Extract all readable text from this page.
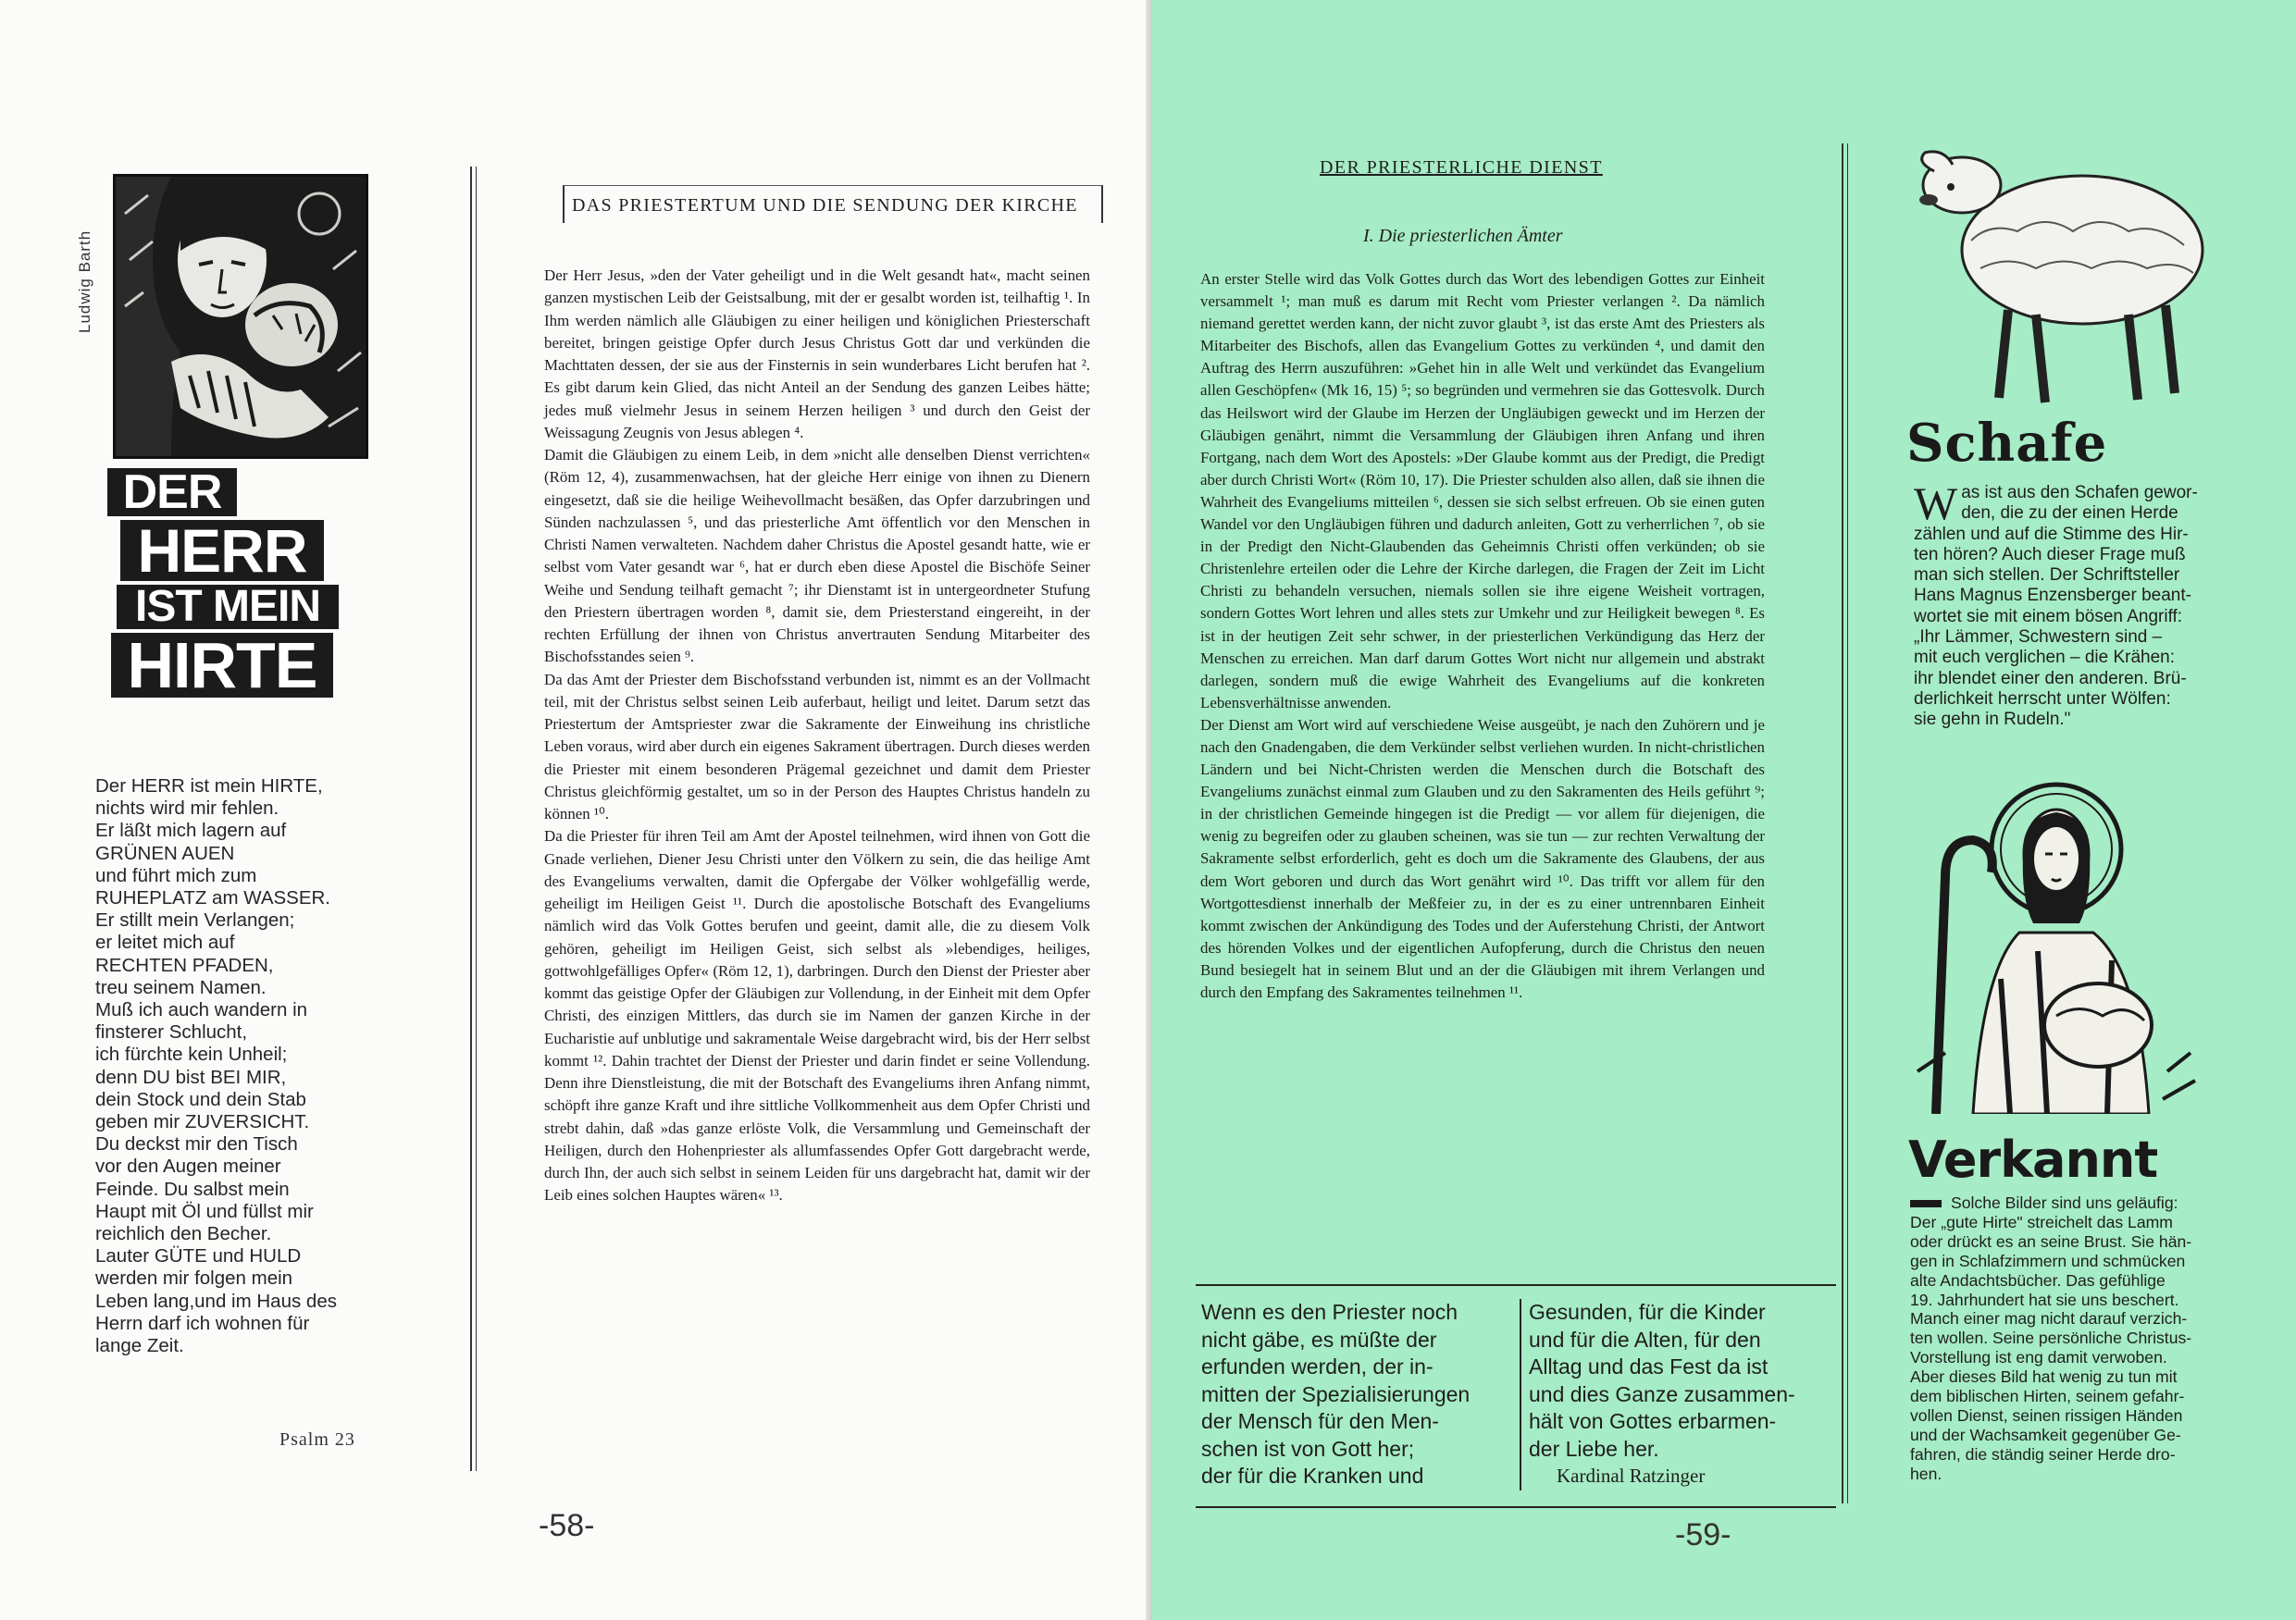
Ludwig Barth
DER
HERR
IST MEIN
HIRTE
Der HERR ist mein HIRTE,
nichts wird mir fehlen.
Er läßt mich lagern auf
GRÜNEN AUEN
und führt mich zum
RUHEPLATZ am WASSER.
Er stillt mein Verlangen;
er leitet mich auf
RECHTEN PFADEN,
treu seinem Namen.
Muß ich auch wandern in
finsterer Schlucht,
ich fürchte kein Unheil;
denn DU bist BEI MIR,
dein Stock und dein Stab
geben mir ZUVERSICHT.
Du deckst mir den Tisch
vor den Augen meiner
Feinde. Du salbst mein
Haupt mit Öl und füllst mir
reichlich den Becher.
Lauter GÜTE und HULD
werden mir folgen mein
Leben lang,und im Haus des
Herrn darf ich wohnen für
lange Zeit.
Psalm 23
DAS PRIESTERTUM UND DIE SENDUNG DER KIRCHE

Der Herr Jesus, »den der Vater geheiligt und in die Welt gesandt hat«, macht seinen ganzen mystischen Leib der Geistsalbung, mit der er gesalbt worden ist, teilhaftig ¹. In Ihm werden nämlich alle Gläubigen zu einer heiligen und königlichen Priesterschaft bereitet, bringen geistige Opfer durch Jesus Christus Gott dar und verkünden die Machttaten dessen, der sie aus der Finsternis in sein wunderbares Licht berufen hat ². Es gibt darum kein Glied, das nicht Anteil an der Sendung des ganzen Leibes hätte; jedes muß vielmehr Jesus in seinem Herzen heiligen ³ und durch den Geist der Weissagung Zeugnis von Jesus ablegen ⁴.

Damit die Gläubigen zu einem Leib, in dem »nicht alle denselben Dienst verrichten« (Röm 12, 4), zusammenwachsen, hat der gleiche Herr einige von ihnen zu Dienern eingesetzt, daß sie die heilige Weihevollmacht besäßen, das Opfer darzubringen und Sünden nachzulassen ⁵, und das priesterliche Amt öffentlich vor den Menschen in Christi Namen verwalteten. Nachdem daher Christus die Apostel gesandt hatte, wie er selbst vom Vater gesandt war ⁶, hat er durch eben diese Apostel die Bischöfe Seiner Weihe und Sendung teilhaft gemacht ⁷; ihr Dienstamt ist in untergeordneter Stufung den Priestern übertragen worden ⁸, damit sie, dem Priesterstand eingereiht, in der rechten Erfüllung der ihnen von Christus anvertrauten Sendung Mitarbeiter des Bischofsstandes seien ⁹.

Da das Amt der Priester dem Bischofsstand verbunden ist, nimmt es an der Vollmacht teil, mit der Christus selbst seinen Leib auferbaut, heiligt und leitet. Darum setzt das Priestertum der Amtspriester zwar die Sakramente der Einweihung ins christliche Leben voraus, wird aber durch ein eigenes Sakrament übertragen. Durch dieses werden die Priester mit einem besonderen Prägemal gezeichnet und damit dem Priester Christus gleichförmig gestaltet, um so in der Person des Hauptes Christus handeln zu können ¹⁰.

Da die Priester für ihren Teil am Amt der Apostel teilnehmen, wird ihnen von Gott die Gnade verliehen, Diener Jesu Christi unter den Völkern zu sein, die das heilige Amt des Evangeliums verwalten, damit die Opfergabe der Völker wohlgefällig werde, geheiligt im Heiligen Geist ¹¹. Durch die apostolische Botschaft des Evangeliums nämlich wird das Volk Gottes berufen und geeint, damit alle, die zu diesem Volk gehören, geheiligt im Heiligen Geist, sich selbst als »lebendiges, heiliges, gottwohlgefälliges Opfer« (Röm 12, 1), darbringen. Durch den Dienst der Priester aber kommt das geistige Opfer der Gläubigen zur Vollendung, in der Einheit mit dem Opfer Christi, des einzigen Mittlers, das durch sie im Namen der ganzen Kirche in der Eucharistie auf unblutige und sakramentale Weise dargebracht wird, bis der Herr selbst kommt ¹². Dahin trachtet der Dienst der Priester und darin findet er seine Vollendung. Denn ihre Dienstleistung, die mit der Botschaft des Evangeliums ihren Anfang nimmt, schöpft ihre ganze Kraft und ihre sittliche Vollkommenheit aus dem Opfer Christi und strebt dahin, daß »das ganze erlöste Volk, die Versammlung und Gemeinschaft der Heiligen, durch den Hohenpriester als allumfassendes Opfer Gott dargebracht werde, durch Ihn, der auch sich selbst in seinem Leiden für uns dargebracht hat, damit wir der Leib eines solchen Hauptes wären« ¹³.

-58-
DER PRIESTERLICHE DIENST
I. Die priesterlichen Ämter

An erster Stelle wird das Volk Gottes durch das Wort des lebendigen Gottes zur Einheit versammelt ¹; man muß es darum mit Recht vom Priester verlangen ². Da nämlich niemand gerettet werden kann, der nicht zuvor glaubt ³, ist das erste Amt des Priesters als Mitarbeiter des Bischofs, allen das Evangelium Gottes zu verkünden ⁴, und damit den Auftrag des Herrn auszuführen: »Gehet hin in alle Welt und verkündet das Evangelium allen Geschöpfen« (Mk 16, 15) ⁵; so begründen und vermehren sie das Gottesvolk. Durch das Heilswort wird der Glaube im Herzen der Ungläubigen geweckt und im Herzen der Gläubigen genährt, nimmt die Versammlung der Gläubigen ihren Anfang und ihren Fortgang, nach dem Wort des Apostels: »Der Glaube kommt aus der Predigt, die Predigt aber durch Christi Wort« (Röm 10, 17). Die Priester schulden also allen, daß sie ihnen die Wahrheit des Evangeliums mitteilen ⁶, dessen sie sich selbst erfreuen. Ob sie einen guten Wandel vor den Ungläubigen führen und dadurch anleiten, Gott zu verherrlichen ⁷, ob sie in der Predigt den Nicht-Glaubenden das Geheimnis Christi offen verkünden; ob sie Christenlehre erteilen oder die Lehre der Kirche darlegen, die Fragen der Zeit im Licht Christi zu behandeln versuchen, niemals sollen sie ihre eigene Weisheit vortragen, sondern Gottes Wort lehren und alles stets zur Umkehr und zur Heiligkeit bewegen ⁸. Es ist in der heutigen Zeit sehr schwer, in der priesterlichen Verkündigung das Herz der Menschen zu erreichen. Man darf darum Gottes Wort nicht nur allgemein und abstrakt darlegen, sondern muß die ewige Wahrheit des Evangeliums auf die konkreten Lebensverhältnisse anwenden.

Der Dienst am Wort wird auf verschiedene Weise ausgeübt, je nach den Zuhörern und je nach den Gnadengaben, die dem Verkünder selbst verliehen wurden. In nicht-christlichen Ländern und bei Nicht-Christen werden die Menschen durch die Botschaft des Evangeliums zunächst einmal zum Glauben und zu den Sakramenten des Heils geführt ⁹; in der christlichen Gemeinde hingegen ist die Predigt — vor allem für diejenigen, die wenig zu begreifen oder zu glauben scheinen, was sie tun — zur rechten Verwaltung der Sakramente selbst erforderlich, geht es doch um die Sakramente des Glaubens, der aus dem Wort geboren und durch das Wort genährt wird ¹⁰. Das trifft vor allem für den Wortgottesdienst innerhalb der Meßfeier zu, in der es zu einer untrennbaren Einheit kommt zwischen der Ankündigung des Todes und der Auferstehung Christi, der Antwort des hörenden Volkes und der eigentlichen Aufopferung, durch die Christus den neuen Bund besiegelt hat in seinem Blut und an der die Gläubigen mit ihrem Verlangen und durch den Empfang des Sakramentes teilnehmen ¹¹.

Wenn es den Priester noch
nicht gäbe, es müßte der
erfunden werden, der in-
mitten der Spezialisierungen
der Mensch für den Men-
schen ist von Gott her;
der für die Kranken und
Gesunden, für die Kinder
und für die Alten, für den
Alltag und das Fest da ist
und dies Ganze zusammen-
hält von Gottes erbarmen-
der Liebe her.
Kardinal Ratzinger
Schafe
W as ist aus den Schafen gewor-
den, die zu der einen Herde
zählen und auf die Stimme des Hir-
ten hören? Auch dieser Frage muß
man sich stellen. Der Schriftsteller
Hans Magnus Enzensberger beant-
wortet sie mit einem bösen Angriff:
„Ihr Lämmer, Schwestern sind –
mit euch verglichen – die Krähen:
ihr blendet einer den anderen. Brü-
derlichkeit herrscht unter Wölfen:
sie gehn in Rudeln."
Verkannt
Solche Bilder sind uns geläufig:
Der „gute Hirte" streichelt das Lamm
oder drückt es an seine Brust. Sie hän-
gen in Schlafzimmern und schmücken
alte Andachtsbücher. Das gefühlige
19. Jahrhundert hat sie uns beschert.
Manch einer mag nicht darauf verzich-
ten wollen. Seine persönliche Christus-
Vorstellung ist eng damit verwoben.
Aber dieses Bild hat wenig zu tun mit
dem biblischen Hirten, seinem gefahr-
vollen Dienst, seinen rissigen Händen
und der Wachsamkeit gegenüber Ge-
fahren, die ständig seiner Herde dro-
hen.
-59-
